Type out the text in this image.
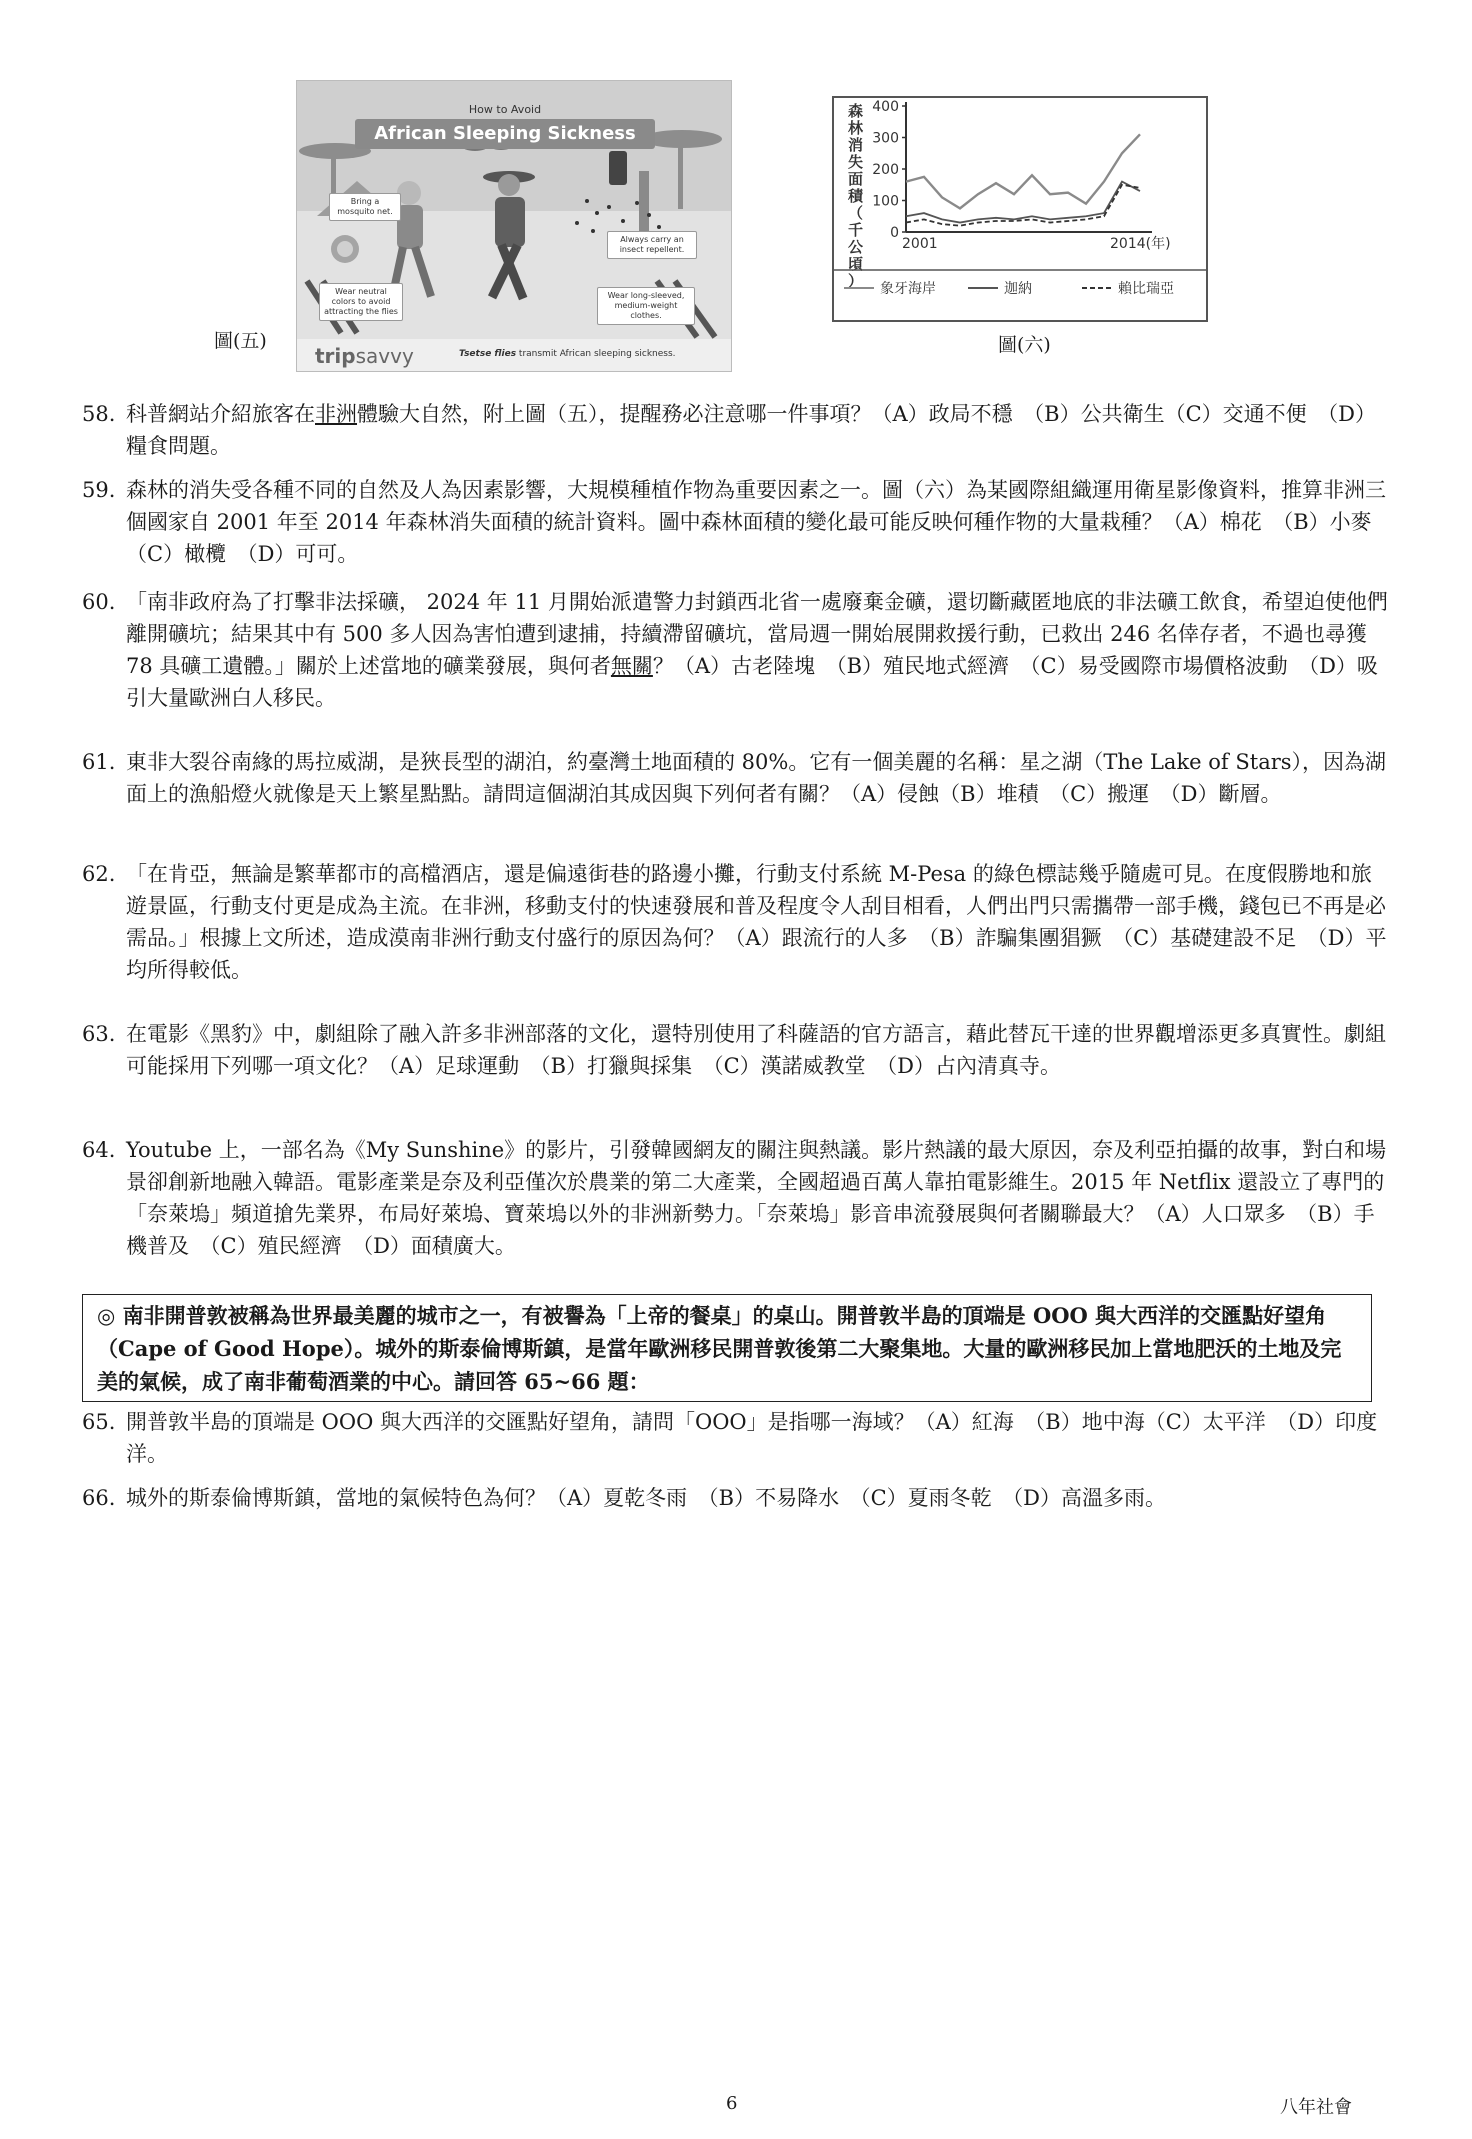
How to Avoid
African Sleeping Sickness
Bring a mosquito net.
Always carry an insect repellent.
Wear neutral colors to avoid attracting the flies
Wear long-sleeved, medium-weight clothes.
tripsavvy	Tsetse flies transmit African sleeping sickness.
圖(五)
森林消失面積（千公頃）
0
100
200
300
400
2001	2014(年)
象牙海岸	迦納	賴比瑞亞
圖(六)
58. 科普網站介紹旅客在非洲體驗大自然，附上圖（五），提醒務必注意哪一件事項？（A）政局不穩　（B）公共衛生（C）交通不便　（D）糧食問題。
59. 森林的消失受各種不同的自然及人為因素影響，大規模種植作物為重要因素之一。圖（六）為某國際組織運用衛星影像資料，推算非洲三個國家自 2001 年至 2014 年森林消失面積的統計資料。圖中森林面積的變化最可能反映何種作物的大量栽種？（A）棉花　（B）小麥　（C）橄欖　（D）可可。
60. 「南非政府為了打擊非法採礦， 2024 年 11 月開始派遣警力封鎖西北省一處廢棄金礦，還切斷藏匿地底的非法礦工飲食，希望迫使他們離開礦坑；結果其中有 500 多人因為害怕遭到逮捕，持續滯留礦坑，當局週一開始展開救援行動，已救出 246 名倖存者，不過也尋獲 78 具礦工遺體。」關於上述當地的礦業發展，與何者無關？（A）古老陸塊　（B）殖民地式經濟　（C）易受國際市場價格波動　（D）吸引大量歐洲白人移民。
61. 東非大裂谷南緣的馬拉威湖，是狹長型的湖泊，約臺灣土地面積的 80%。它有一個美麗的名稱：星之湖（The Lake of Stars），因為湖面上的漁船燈火就像是天上繁星點點。請問這個湖泊其成因與下列何者有關？（A）侵蝕（B）堆積　（C）搬運　（D）斷層。
62. 「在肯亞，無論是繁華都市的高檔酒店，還是偏遠街巷的路邊小攤，行動支付系統 M-Pesa 的綠色標誌幾乎隨處可見。在度假勝地和旅遊景區，行動支付更是成為主流。在非洲，移動支付的快速發展和普及程度令人刮目相看，人們出門只需攜帶一部手機，錢包已不再是必需品。」根據上文所述，造成漠南非洲行動支付盛行的原因為何？（A）跟流行的人多　（B）詐騙集團猖獗　（C）基礎建設不足　（D）平均所得較低。
63. 在電影《黑豹》中，劇組除了融入許多非洲部落的文化，還特別使用了科薩語的官方語言，藉此替瓦干達的世界觀增添更多真實性。劇組可能採用下列哪一項文化？（A）足球運動　（B）打獵與採集　（C）漢諾威教堂　（D）占內清真寺。
64. Youtube 上，一部名為《My Sunshine》的影片，引發韓國網友的關注與熱議。影片熱議的最大原因，奈及利亞拍攝的故事，對白和場景卻創新地融入韓語。電影產業是奈及利亞僅次於農業的第二大產業，全國超過百萬人靠拍電影維生。2015 年 Netflix 還設立了專門的「奈萊塢」頻道搶先業界，布局好萊塢、寶萊塢以外的非洲新勢力。「奈萊塢」影音串流發展與何者關聯最大？（A）人口眾多　（B）手機普及　（C）殖民經濟　（D）面積廣大。
◎ 南非開普敦被稱為世界最美麗的城市之一，有被譽為「上帝的餐桌」的桌山。開普敦半島的頂端是 OOO 與大西洋的交匯點好望角（Cape of Good Hope）。城外的斯泰倫博斯鎮，是當年歐洲移民開普敦後第二大聚集地。大量的歐洲移民加上當地肥沃的土地及完美的氣候，成了南非葡萄酒業的中心。請回答 65~66 題：
65. 開普敦半島的頂端是 OOO 與大西洋的交匯點好望角，請問「OOO」是指哪一海域？（A）紅海　（B）地中海（C）太平洋　（D）印度洋。
66. 城外的斯泰倫博斯鎮，當地的氣候特色為何？（A）夏乾冬雨　（B）不易降水　（C）夏雨冬乾　（D）高溫多雨。
6	八年社會
